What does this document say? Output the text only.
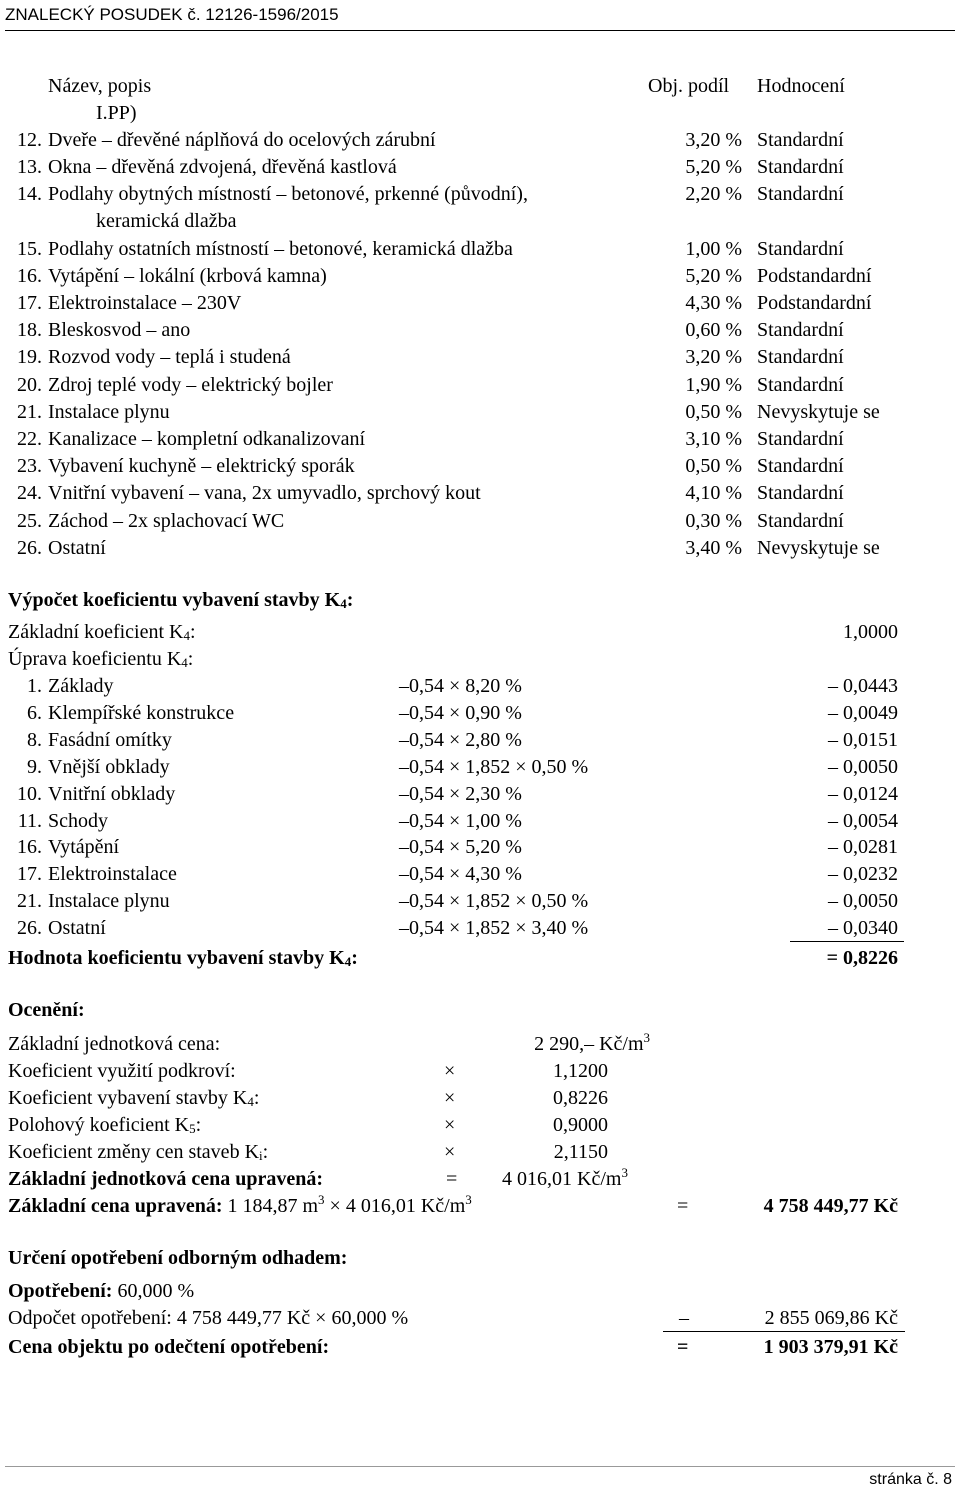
ZNALECKÝ POSUDEK č. 12126-1596/2015
Název, popis	Obj. podíl Hodnocení
I.PP)
12. Dveře – dřevěné náplňová do ocelových zárubní	3,20 % Standardní
13. Okna – dřevěná zdvojená, dřevěná kastlová	5,20 % Standardní
14. Podlahy obytných místností – betonové, prkenné (původní),	2,20 % Standardní
keramická dlažba
15. Podlahy ostatních místností – betonové, keramická dlažba	1,00 % Standardní
16. Vytápění – lokální (krbová kamna)	5,20 % Podstandardní
17. Elektroinstalace – 230V	4,30 % Podstandardní
18. Bleskosvod – ano	0,60 % Standardní
19. Rozvod vody – teplá i studená	3,20 % Standardní
20. Zdroj teplé vody – elektrický bojler	1,90 % Standardní
21. Instalace plynu	0,50 % Nevyskytuje se
22. Kanalizace – kompletní odkanalizovaní	3,10 % Standardní
23. Vybavení kuchyně – elektrický sporák	0,50 % Standardní
24. Vnitřní vybavení – vana, 2x umyvadlo, sprchový kout	4,10 % Standardní
25. Záchod – 2x splachovací WC	0,30 % Standardní
26. Ostatní	3,40 % Nevyskytuje se
Výpočet koeficientu vybavení stavby $K_4$:
Základní koeficient $K_4$:	1,0000
Úprava koeficientu $K_4$:
1. Základy	–0,54 × 8,20 %	– 0,0443
6. Klempířské konstrukce	–0,54 × 0,90 %	– 0,0049
8. Fasádní omítky	–0,54 × 2,80 %	– 0,0151
9. Vnější obklady	–0,54 × 1,852 × 0,50 %	– 0,0050
10. Vnitřní obklady	–0,54 × 2,30 %	– 0,0124
11. Schody	–0,54 × 1,00 %	– 0,0054
16. Vytápění	–0,54 × 5,20 %	– 0,0281
17. Elektroinstalace	–0,54 × 4,30 %	– 0,0232
21. Instalace plynu	–0,54 × 1,852 × 0,50 %	– 0,0050
26. Ostatní	–0,54 × 1,852 × 3,40 %	– 0,0340
Hodnota koeficientu vybavení stavby $K_4$:	= 0,8226
Ocenění:
Základní jednotková cena:	2 290,– $Kč/m^3$
Koeficient využití podkroví:	×	1,1200
Koeficient vybavení stavby $K_4$:	×	0,8226
Polohový koeficient $K_5$:	×	0,9000
Koeficient změny cen staveb $K_i$:	×	2,1150
Základní jednotková cena upravená:	= 4 016,01 $Kč/m^3$
Základní cena upravená: 1 184,87 $m^3 \times 4$ 016,01 $Kč/m^3$	=	4 758 449,77 Kč
Určení opotřebení odborným odhadem:
Opotřebení: 60,000 %
Odpočet opotřebení: 4 758 449,77 Kč × 60,000 %	–	2 855 069,86 Kč
Cena objektu po odečtení opotřebení:	=	1 903 379,91 Kč
stránka č. 8
